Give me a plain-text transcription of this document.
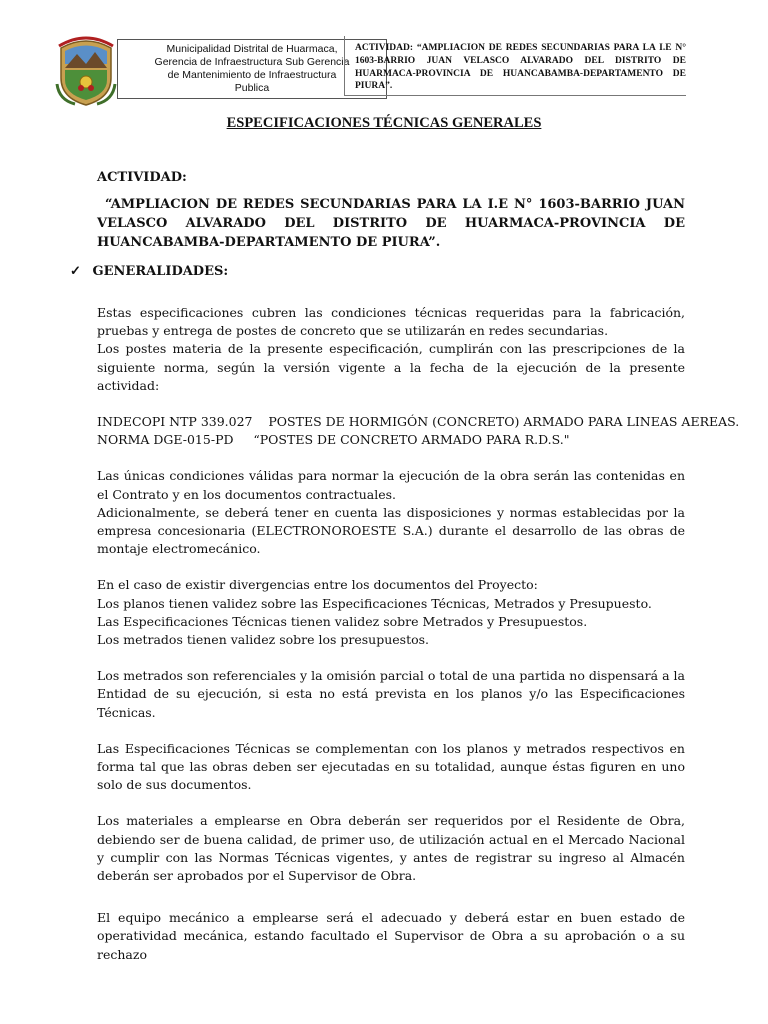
Municipalidad Distrital de Huarmaca,
Gerencia de Infraestructura Sub Gerencia
de Mantenimiento de Infraestructura
Publica
ACTIVIDAD: “AMPLIACION DE REDES SECUNDARIAS PARA LA I.E N° 1603-BARRIO JUAN VELASCO ALVARADO DEL DISTRITO DE HUARMACA-PROVINCIA DE HUANCABAMBA-DEPARTAMENTO DE PIURA”.
ESPECIFICACIONES TÉCNICAS GENERALES
ACTIVIDAD:
“AMPLIACION DE REDES SECUNDARIAS PARA LA I.E N° 1603-BARRIO JUAN VELASCO ALVARADO DEL DISTRITO DE HUARMACA-PROVINCIA DE HUANCABAMBA-DEPARTAMENTO DE PIURA”.
✓ GENERALIDADES:

Estas especificaciones cubren las condiciones técnicas requeridas para la fabricación, pruebas y entrega de postes de concreto que se utilizarán en redes secundarias.

Los postes materia de la presente especificación, cumplirán con las prescripciones de la siguiente norma, según la versión vigente a la fecha de la ejecución de la presente actividad:

INDECOPI NTP 339.027    POSTES DE HORMIGÓN (CONCRETO) ARMADO PARA LINEAS AEREAS.

NORMA DGE-015-PD     “POSTES DE CONCRETO ARMADO PARA R.D.S."

Las únicas condiciones válidas para normar la ejecución de la obra serán las contenidas en el Contrato y en los documentos contractuales.

Adicionalmente, se deberá tener en cuenta las disposiciones y normas establecidas por la empresa concesionaria (ELECTRONOROESTE S.A.) durante el desarrollo de las obras de montaje electromecánico.

En el caso de existir divergencias entre los documentos del Proyecto:

Los planos tienen validez sobre las Especificaciones Técnicas, Metrados y Presupuesto.

Las Especificaciones Técnicas tienen validez sobre Metrados y Presupuestos.

Los metrados tienen validez sobre los presupuestos.

Los metrados son referenciales y la omisión parcial o total de una partida no dispensará a la Entidad de su ejecución, si esta no está prevista en los planos y/o las Especificaciones Técnicas.

Las Especificaciones Técnicas se complementan con los planos y metrados respectivos en forma tal que las obras deben ser ejecutadas en su totalidad, aunque éstas figuren en uno solo de sus documentos.

Los materiales a emplearse en Obra deberán ser requeridos por el Residente de Obra, debiendo ser de buena calidad, de primer uso, de utilización actual en el Mercado Nacional y cumplir con las Normas Técnicas vigentes, y antes de registrar su ingreso al Almacén deberán ser aprobados por el Supervisor de Obra.

El equipo mecánico a emplearse será el adecuado y deberá estar en buen estado de operatividad mecánica, estando facultado el Supervisor de Obra a su aprobación o a su rechazo
